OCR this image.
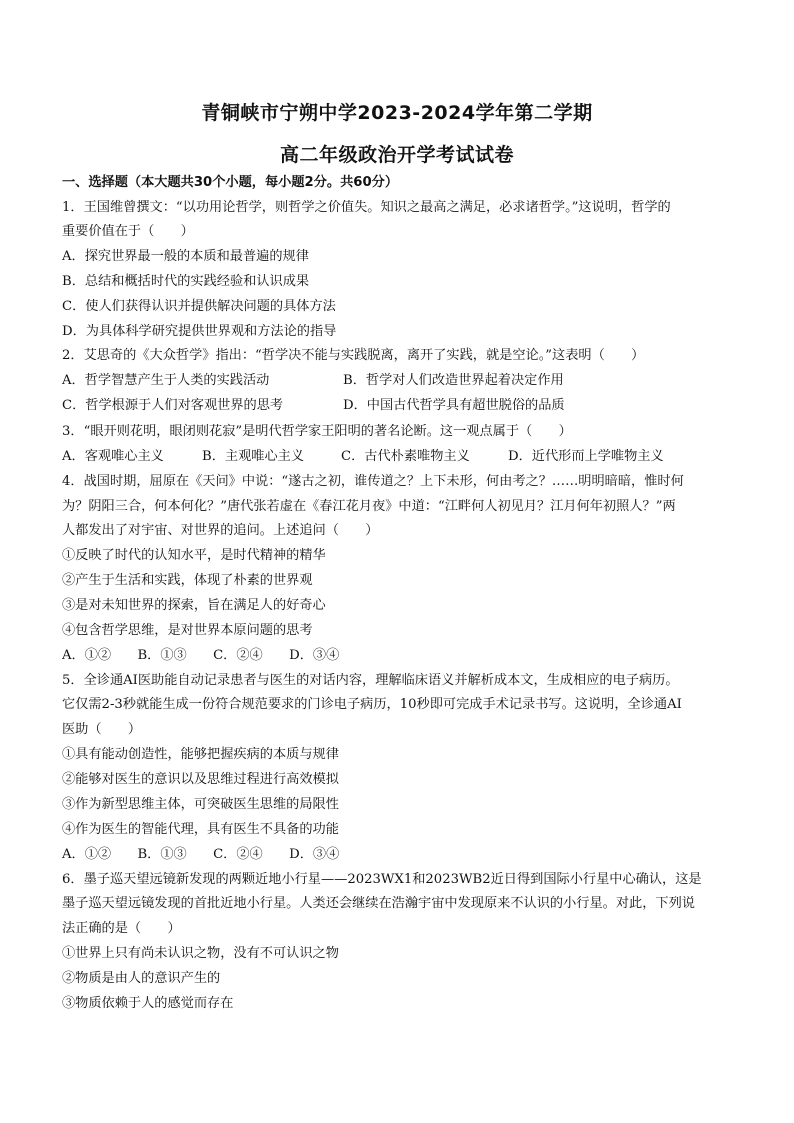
青铜峡市宁朔中学2023-2024学年第二学期
高二年级政治开学考试试卷
一、选择题（本大题共30个小题，每小题2分。共60分）
1．王国维曾撰文：“以功用论哲学，则哲学之价值失。知识之最高之满足，必求诸哲学。”这说明，哲学的
重要价值在于（　　）
A．探究世界最一般的本质和最普遍的规律
B．总结和概括时代的实践经验和认识成果
C．使人们获得认识并提供解决问题的具体方法
D．为具体科学研究提供世界观和方法论的指导
2．艾思奇的《大众哲学》指出：“哲学决不能与实践脱离，离开了实践，就是空论。”这表明（　　）
A．哲学智慧产生于人类的实践活动	B．哲学对人们改造世界起着决定作用
C．哲学根源于人们对客观世界的思考	D．中国古代哲学具有超世脱俗的品质
3．“眼开则花明，眼闭则花寂”是明代哲学家王阳明的著名论断。这一观点属于（　　）
A．客观唯心主义	B．主观唯心主义	C．古代朴素唯物主义	D．近代形而上学唯物主义
4．战国时期，屈原在《天问》中说：“遂古之初，谁传道之？上下未形，何由考之？……明明暗暗，惟时何
为？阴阳三合，何本何化？”唐代张若虚在《春江花月夜》中道：“江畔何人初见月？江月何年初照人？”两
人都发出了对宇宙、对世界的追问。上述追问（　　）
①反映了时代的认知水平，是时代精神的精华
②产生于生活和实践，体现了朴素的世界观
③是对未知世界的探索，旨在满足人的好奇心
④包含哲学思维，是对世界本原问题的思考
A．①②　　B．①③　　C．②④　　D．③④
5．全诊通AI医助能自动记录患者与医生的对话内容，理解临床语义并解析成本文，生成相应的电子病历。
它仅需2-3秒就能生成一份符合规范要求的门诊电子病历，10秒即可完成手术记录书写。这说明，全诊通AI
医助（　　）
①具有能动创造性，能够把握疾病的本质与规律
②能够对医生的意识以及思维过程进行高效模拟
③作为新型思维主体，可突破医生思维的局限性
④作为医生的智能代理，具有医生不具备的功能
A．①②　　B．①③　　C．②④　　D．③④
6．墨子巡天望远镜新发现的两颗近地小行星——2023WX1和2023WB2近日得到国际小行星中心确认，这是
墨子巡天望远镜发现的首批近地小行星。人类还会继续在浩瀚宇宙中发现原来不认识的小行星。对此，下列说
法正确的是（　　）
①世界上只有尚未认识之物，没有不可认识之物
②物质是由人的意识产生的
③物质依赖于人的感觉而存在
